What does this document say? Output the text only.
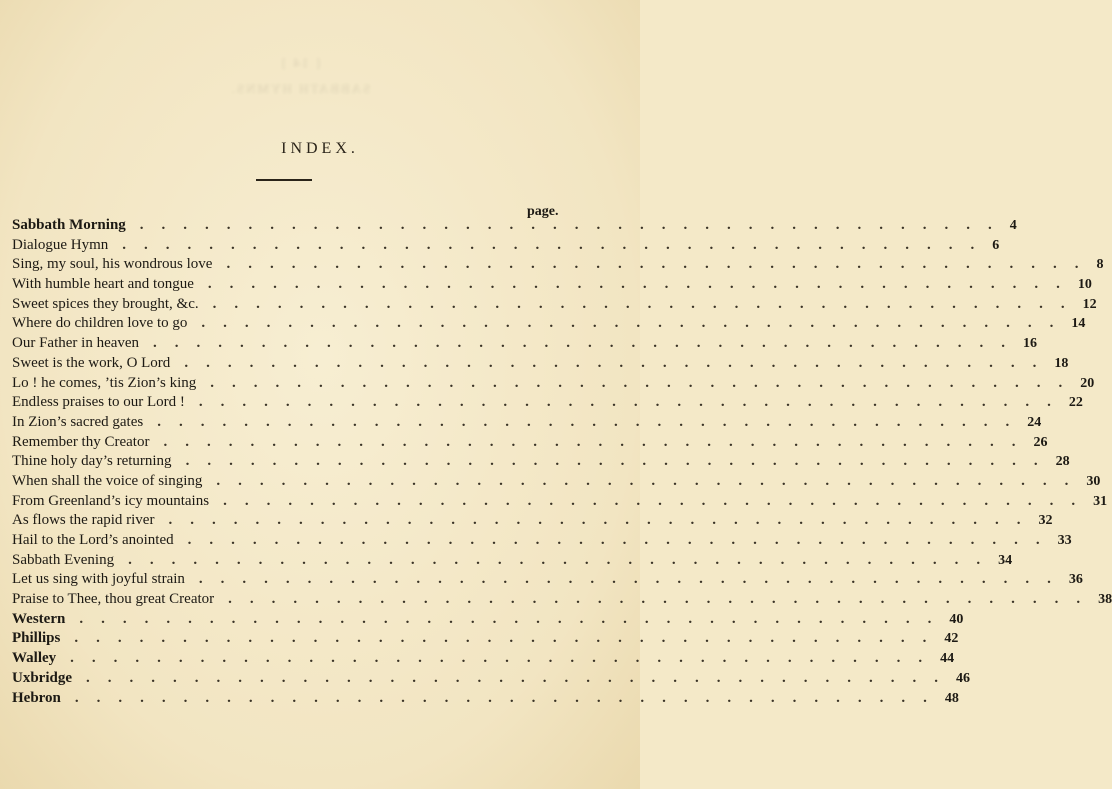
[ 14 ]
SABBATH HYMNS.
INDEX.
page.
Sabbath Morning ........................................ 4
Dialogue Hymn ........................................ 6
Sing, my soul, his wondrous love ........................................ 8
With humble heart and tongue ........................................ 10
Sweet spices they brought, &c. ........................................ 12
Where do children love to go ........................................ 14
Our Father in heaven ........................................ 16
Sweet is the work, O Lord ........................................ 18
Lo ! he comes, ’tis Zion’s king ........................................ 20
Endless praises to our Lord ! ........................................ 22
In Zion’s sacred gates ........................................ 24
Remember thy Creator ........................................ 26
Thine holy day’s returning ........................................ 28
When shall the voice of singing ........................................ 30
From Greenland’s icy mountains ........................................ 31
As flows the rapid river ........................................ 32
Hail to the Lord’s anointed ........................................ 33
Sabbath Evening ........................................ 34
Let us sing with joyful strain ........................................ 36
Praise to Thee, thou great Creator ........................................ 38
Western ........................................ 40
Phillips ........................................ 42
Walley ........................................ 44
Uxbridge ........................................ 46
Hebron ........................................ 48
